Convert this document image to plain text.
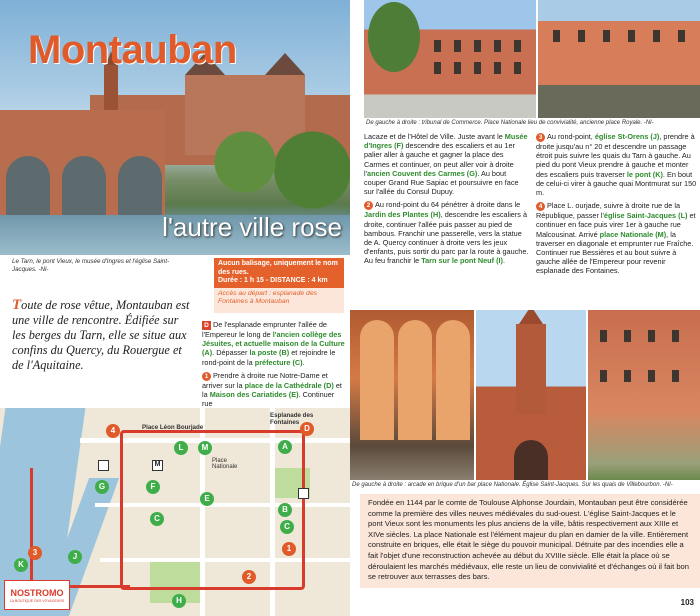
Montauban
l'autre ville rose
Le Tarn, le pont Vieux, le musée d'Ingres et l'église Saint-Jacques. -Nl-
Toute de rose vêtue, Montauban est une ville de rencontre. Édifiée sur les berges du Tarn, elle se situe aux confins du Quercy, du Rouergue et de l'Aquitaine.
Aucun balisage, uniquement le nom des rues.
Durée : 1 h 15 - DISTANCE : 4 km
Accès au départ : esplanade des Fontaines à Montauban

D De l'esplanade emprunter l'allée de l'Empereur le long de l'ancien collège des Jésuites, et actuelle maison de la Culture (A). Dépasser la poste (B) et rejoindre le rond-point de la préfecture (C).

1 Prendre à droite rue Notre-Dame et arriver sur la place de la Cathédrale (D) et la Maison des Cariatides (E). Continuer rue

Place Léon Bourjade
Esplanade des Fontaines
Place Nationale
4
L	M	A
D
G	F
E
B
C
C
1
J
K
3
2
H
M
NOSTROMO
LA BOUTIQUE DES VOYAGEURS
De gauche à droite : tribunal de Commerce. Place Nationale lieu de convivialité, ancienne place Royale. -Nl-

Lacaze et de l'Hôtel de Ville. Juste avant le Musée d'Ingres (F) descendre des escaliers et au 1er palier aller à gauche et gagner la place des Carmes et continuer, on peut aller voir à droite l'ancien Couvent des Carmes (G). Au bout couper Grand Rue Sapiac et poursuivre en face sur l'allée du Consul Dupuy.

2 Au rond-point du 64 pénétrer à droite dans le Jardin des Plantes (H), descendre les escaliers à droite, continuer l'allée puis passer au pied de bambous. Franchir une passerelle, vers la statue de A. Quercy continuer à droite vers les jeux d'enfants, puis sortir du parc par la route à gauche. Au feu franchir le Tarn sur le pont Neuf (I).

3 Au rond-point, église St-Orens (J), prendre à droite jusqu'au n° 20 et descendre un passage étroit puis suivre les quais du Tarn à gauche. Au pied du pont Vieux prendre à gauche et monter des escaliers puis traverser le pont (K). En bout de celui-ci virer à gauche quai Montmurat sur 150 m.

4 Place L. ourjade, suivre à droite rue de la République, passer l'église Saint-Jacques (L) et continuer en face puis virer 1er à gauche rue Malcousinat. Arrivé place Nationale (M), la traverser en diagonale et emprunter rue Fraîche. Continuer rue Bessières et au bout suivre à gauche allée de l'Empereur pour revenir esplanade des Fontaines.

De gauche à droite : arcade en brique d'un bar place Nationale. Église Saint-Jacques. Sur les quais de Villebourbon. -Nl-
Fondée en 1144 par le comte de Toulouse Alphonse Jourdain, Montauban peut être considérée comme la première des villes neuves médiévales du sud-ouest. L'église Saint-Jacques et le pont Vieux sont les monuments les plus anciens de la ville, bâtis respectivement aux XIIIe et XIVe siècles. La place Nationale est l'élément majeur du plan en damier de la ville. Entièrement construite en briques, elle était le siège du pouvoir municipal. Détruite par des incendies elle a fait l'objet d'une reconstruction achevée au début du XVIIIe siècle. Elle était la place où se déroulaient les marchés médiévaux, elle reste un lieu de convivialité et d'échanges où il fait bon se retrouver aux terrasses des bars.
103
